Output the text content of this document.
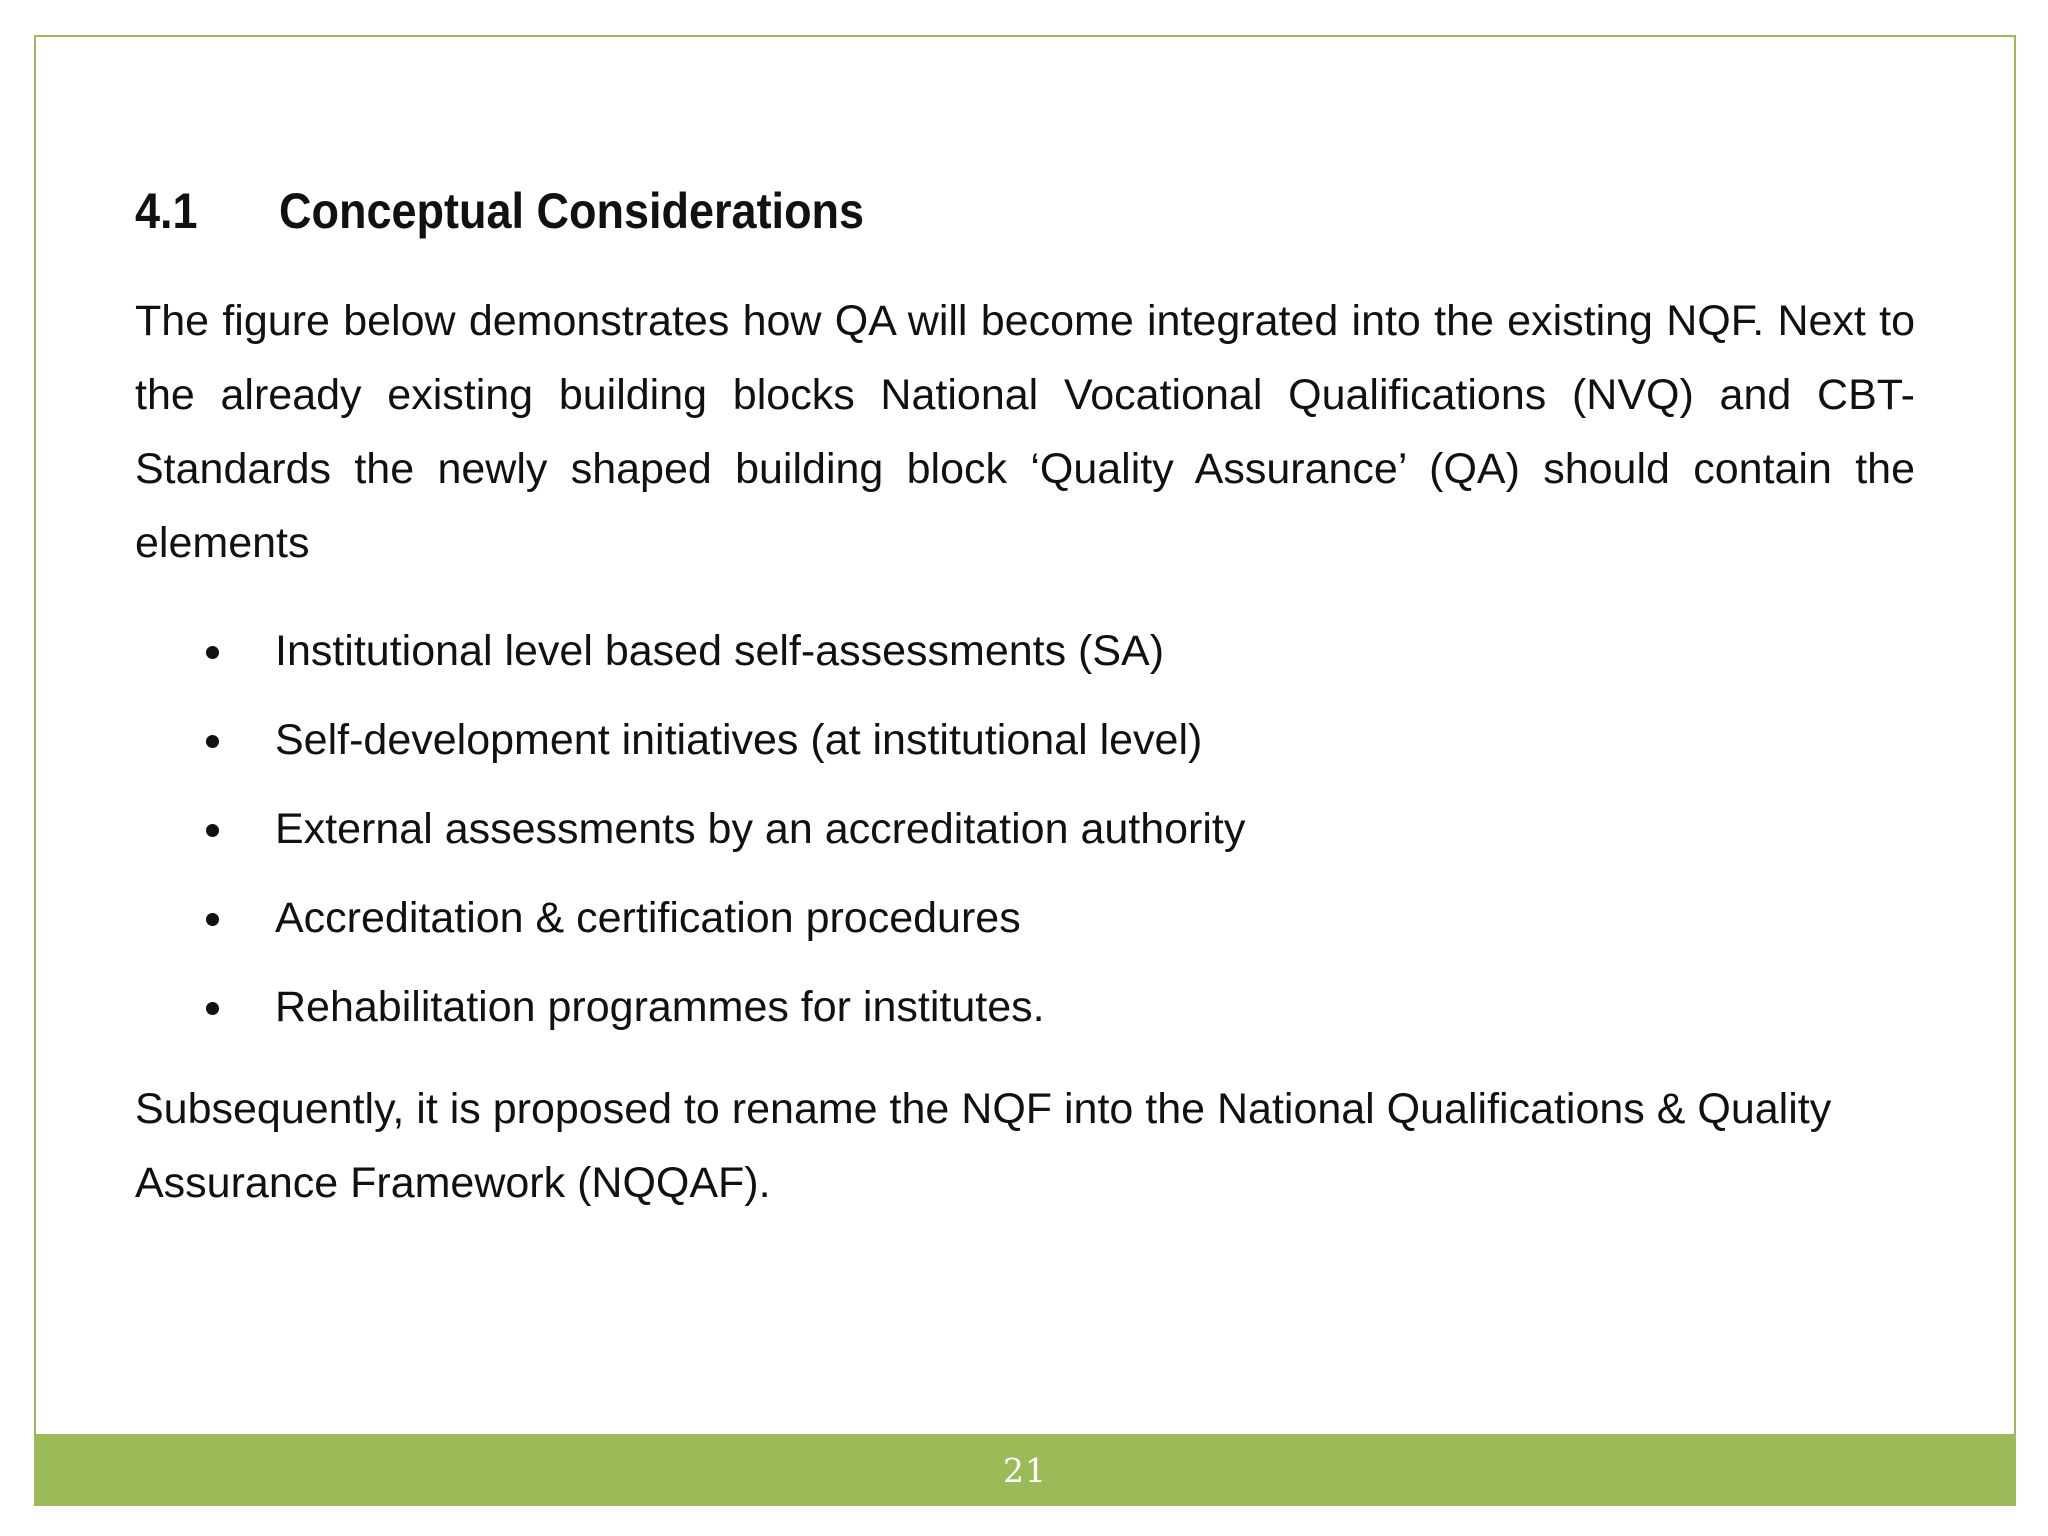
4.1 Conceptual Considerations

The figure below demonstrates how QA will become integrated into the existing NQF. Next to the already existing building blocks National Vocational Qualifications (NVQ) and CBT-Standards the newly shaped building block ‘Quality Assurance’ (QA) should contain the elements

Institutional level based self-assessments (SA)
Self-development initiatives (at institutional level)
External assessments by an accreditation authority
Accreditation & certification procedures
Rehabilitation programmes for institutes.

Subsequently, it is proposed to rename the NQF into the National Qualifications & Quality Assurance Framework (NQQAF).

21
